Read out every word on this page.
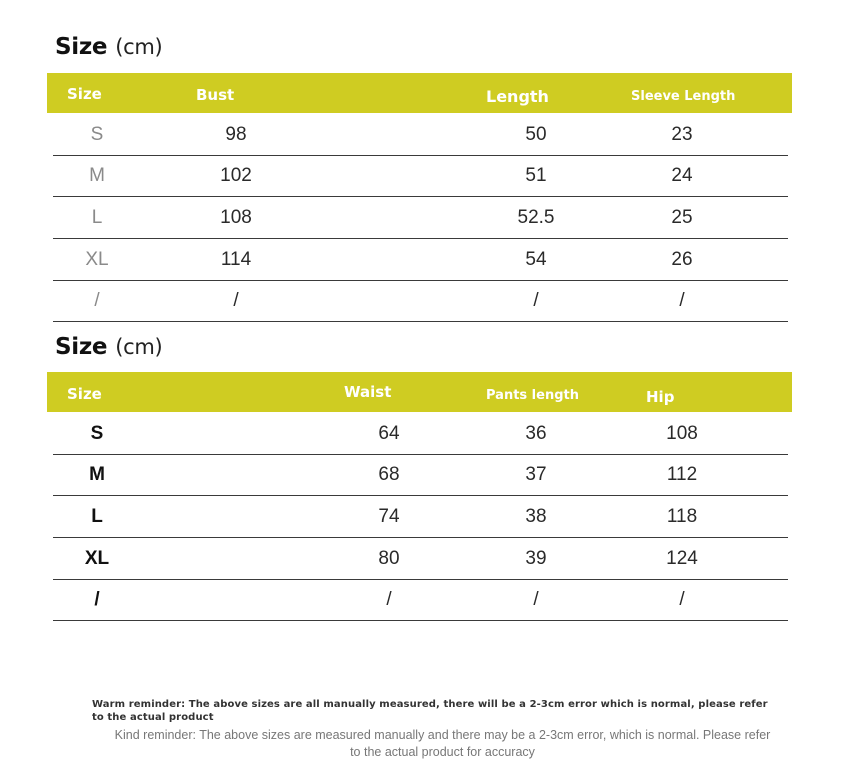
Size (cm)
Size	Bust	Length	Sleeve Length
S	98	50	23
M	102	51	24
L	108	52.5	25
XL	114	54	26
/	/	/	/
Size (cm)
Size	Waist	Pants length	Hip
S	64	36	108
M	68	37	112
L	74	38	118
XL	80	39	124
/	/	/	/

Warm reminder: The above sizes are all manually measured, there will be a 2-3cm error which is normal, please refer to the actual product

Kind reminder: The above sizes are measured manually and there may be a 2-3cm error, which is normal. Please refer to the actual product for accuracy
